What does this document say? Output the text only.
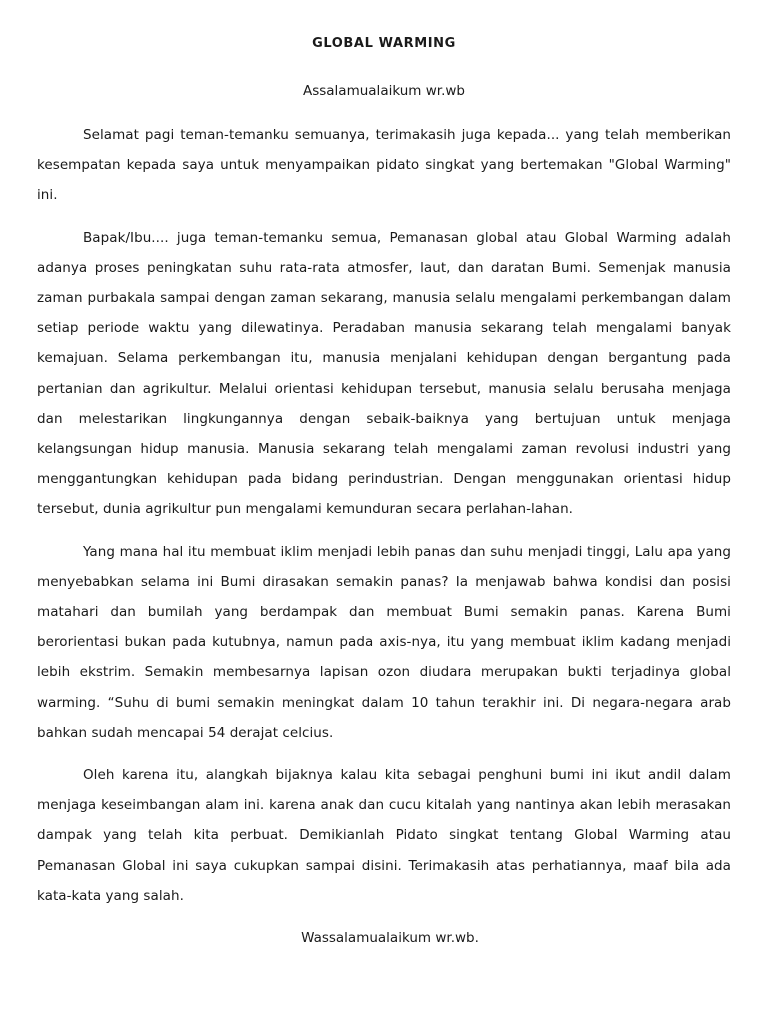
GLOBAL WARMING
Assalamualaikum wr.wb

Selamat pagi teman-temanku semuanya, terimakasih juga kepada... yang telah memberikan kesempatan kepada saya untuk menyampaikan pidato singkat yang bertemakan "Global Warming" ini.

Bapak/Ibu.... juga teman-temanku semua, Pemanasan global atau Global Warming adalah adanya proses peningkatan suhu rata-rata atmosfer, laut, dan daratan Bumi. Semenjak manusia zaman purbakala sampai dengan zaman sekarang, manusia selalu mengalami perkembangan dalam setiap periode waktu yang dilewatinya. Peradaban manusia sekarang telah mengalami banyak kemajuan. Selama perkembangan itu, manusia menjalani kehidupan dengan bergantung pada pertanian dan agrikultur. Melalui orientasi kehidupan tersebut, manusia selalu berusaha menjaga dan melestarikan lingkungannya dengan sebaik-baiknya yang bertujuan untuk menjaga kelangsungan hidup manusia. Manusia sekarang telah mengalami zaman revolusi industri yang menggantungkan kehidupan pada bidang perindustrian. Dengan menggunakan orientasi hidup tersebut, dunia agrikultur pun mengalami kemunduran secara perlahan-lahan.

Yang mana hal itu membuat iklim menjadi lebih panas dan suhu menjadi tinggi, Lalu apa yang menyebabkan selama ini Bumi dirasakan semakin panas? Ia menjawab bahwa kondisi dan posisi matahari dan bumilah yang berdampak dan membuat Bumi semakin panas. Karena Bumi berorientasi bukan pada kutubnya, namun pada axis-nya, itu yang membuat iklim kadang menjadi lebih ekstrim. Semakin membesarnya lapisan ozon diudara merupakan bukti terjadinya global warming. “Suhu di bumi semakin meningkat dalam 10 tahun terakhir ini. Di negara-negara arab bahkan sudah mencapai 54 derajat celcius.

Oleh karena itu, alangkah bijaknya kalau kita sebagai penghuni bumi ini ikut andil dalam menjaga keseimbangan alam ini. karena anak dan cucu kitalah yang nantinya akan lebih merasakan dampak yang telah kita perbuat. Demikianlah Pidato singkat tentang Global Warming atau Pemanasan Global ini saya cukupkan sampai disini. Terimakasih atas perhatiannya, maaf bila ada kata-kata yang salah.

Wassalamualaikum wr.wb.
